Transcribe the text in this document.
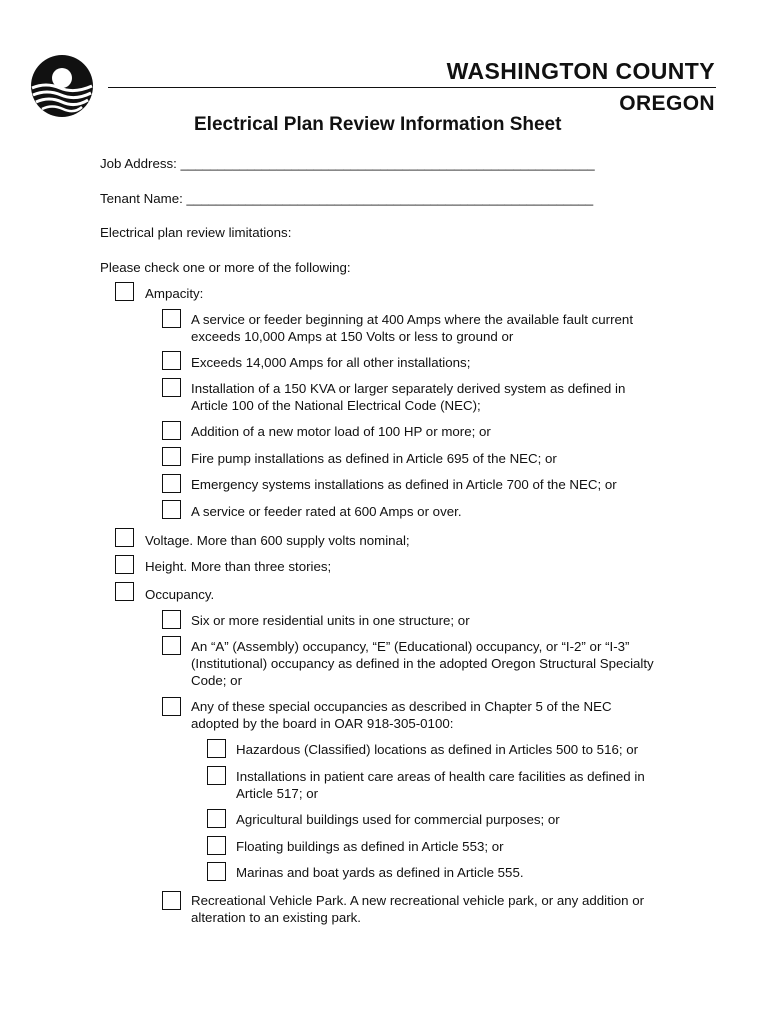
WASHINGTON COUNTY
OREGON
Electrical Plan Review Information Sheet
Job Address: ________________________________________________________
Tenant Name: _______________________________________________________
Electrical plan review limitations:
Please check one or more of the following:
Ampacity:
A service or feeder beginning at 400 Amps where the available fault current
exceeds 10,000 Amps at 150 Volts or less to ground or
Exceeds 14,000 Amps for all other installations;
Installation of a 150 KVA or larger separately derived system as defined in
Article 100 of the National Electrical Code (NEC);
Addition of a new motor load of 100 HP or more; or
Fire pump installations as defined in Article 695 of the NEC; or
Emergency systems installations as defined in Article 700 of the NEC; or
A service or feeder rated at 600 Amps or over.
Voltage. More than 600 supply volts nominal;
Height. More than three stories;
Occupancy.
Six or more residential units in one structure; or
An “A” (Assembly) occupancy, “E” (Educational) occupancy, or “I-2” or “I-3”
(Institutional) occupancy as defined in the adopted Oregon Structural Specialty
Code; or
Any of these special occupancies as described in Chapter 5 of the NEC
adopted by the board in OAR 918-305-0100:
Hazardous (Classified) locations as defined in Articles 500 to 516; or
Installations in patient care areas of health care facilities as defined in
Article 517; or
Agricultural buildings used for commercial purposes; or
Floating buildings as defined in Article 553; or
Marinas and boat yards as defined in Article 555.
Recreational Vehicle Park. A new recreational vehicle park, or any addition or
alteration to an existing park.
